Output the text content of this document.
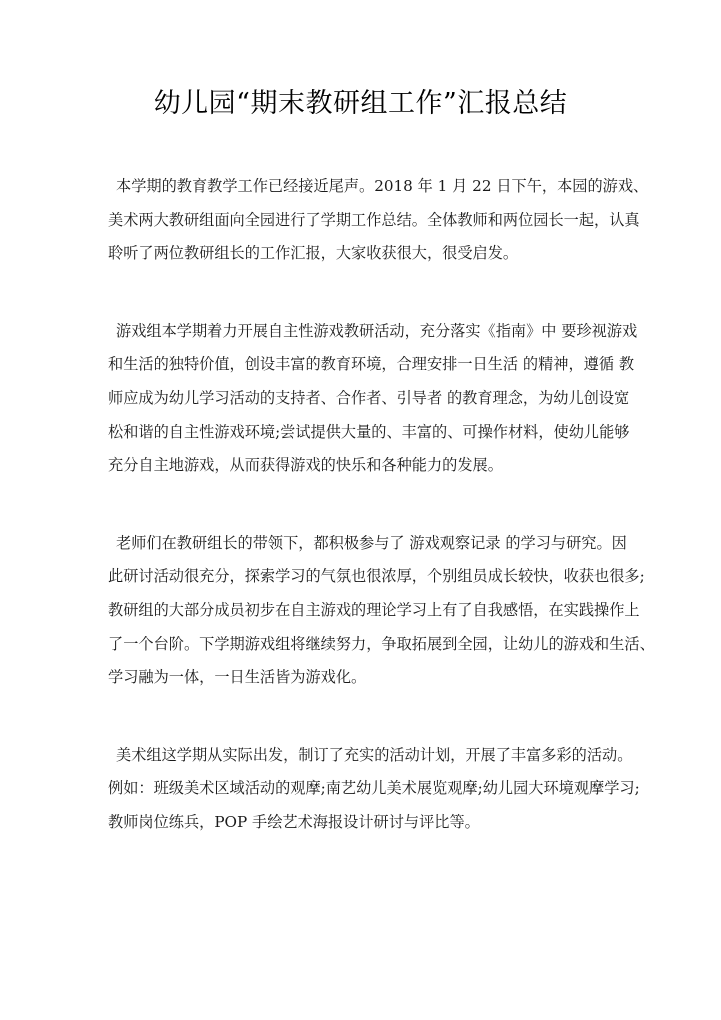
幼儿园“期末教研组工作”汇报总结

本学期的教育教学工作已经接近尾声。2018 年 1 月 22 日下午，本园的游戏、
美术两大教研组面向全园进行了学期工作总结。全体教师和两位园长一起，认真
聆听了两位教研组长的工作汇报，大家收获很大，很受启发。

游戏组本学期着力开展自主性游戏教研活动，充分落实《指南》中 要珍视游戏
和生活的独特价值，创设丰富的教育环境，合理安排一日生活 的精神，遵循 教
师应成为幼儿学习活动的支持者、合作者、引导者 的教育理念，为幼儿创设宽
松和谐的自主性游戏环境;尝试提供大量的、丰富的、可操作材料，使幼儿能够
充分自主地游戏，从而获得游戏的快乐和各种能力的发展。

老师们在教研组长的带领下，都积极参与了 游戏观察记录 的学习与研究。因
此研讨活动很充分，探索学习的气氛也很浓厚，个别组员成长较快，收获也很多;
教研组的大部分成员初步在自主游戏的理论学习上有了自我感悟，在实践操作上
了一个台阶。下学期游戏组将继续努力，争取拓展到全园，让幼儿的游戏和生活、
学习融为一体，一日生活皆为游戏化。

美术组这学期从实际出发，制订了充实的活动计划，开展了丰富多彩的活动。
例如：班级美术区域活动的观摩;南艺幼儿美术展览观摩;幼儿园大环境观摩学习;
教师岗位练兵，POP 手绘艺术海报设计研讨与评比等。
